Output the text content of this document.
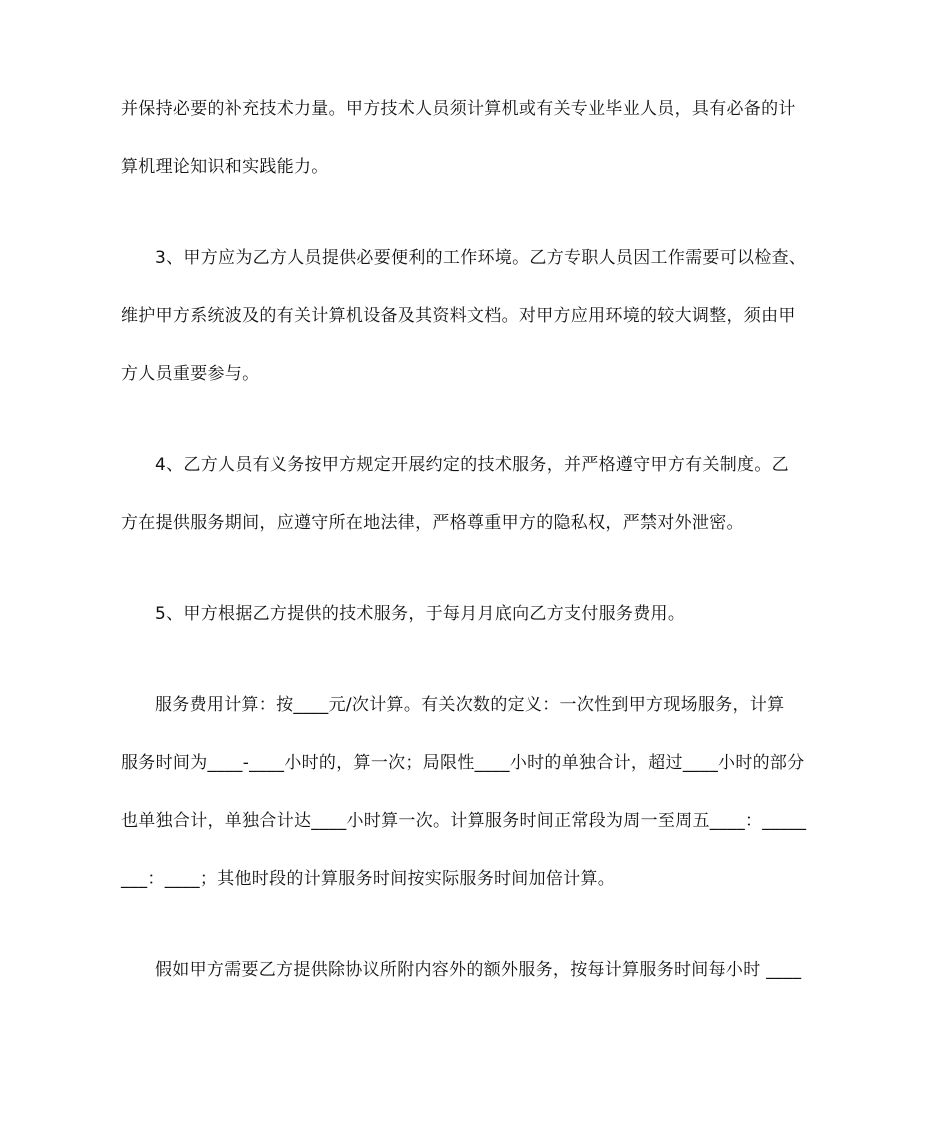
并保持必要的补充技术力量。甲方技术人员须计算机或有关专业毕业人员，具有必备的计
算机理论知识和实践能力。
3、甲方应为乙方人员提供必要便利的工作环境。乙方专职人员因工作需要可以检查、
维护甲方系统波及的有关计算机设备及其资料文档。对甲方应用环境的较大调整，须由甲
方人员重要参与。
4、乙方人员有义务按甲方规定开展约定的技术服务，并严格遵守甲方有关制度。乙
方在提供服务期间，应遵守所在地法律，严格尊重甲方的隐私权，严禁对外泄密。
5、甲方根据乙方提供的技术服务，于每月月底向乙方支付服务费用。
服务费用计算：按____元/次计算。有关次数的定义：一次性到甲方现场服务，计算
服务时间为____-____小时的，算一次；局限性____小时的单独合计，超过____小时的部分
也单独合计，单独合计达____小时算一次。计算服务时间正常段为周一至周五____：_____
___：____；其他时段的计算服务时间按实际服务时间加倍计算。
假如甲方需要乙方提供除协议所附内容外的额外服务，按每计算服务时间每小时 ____
